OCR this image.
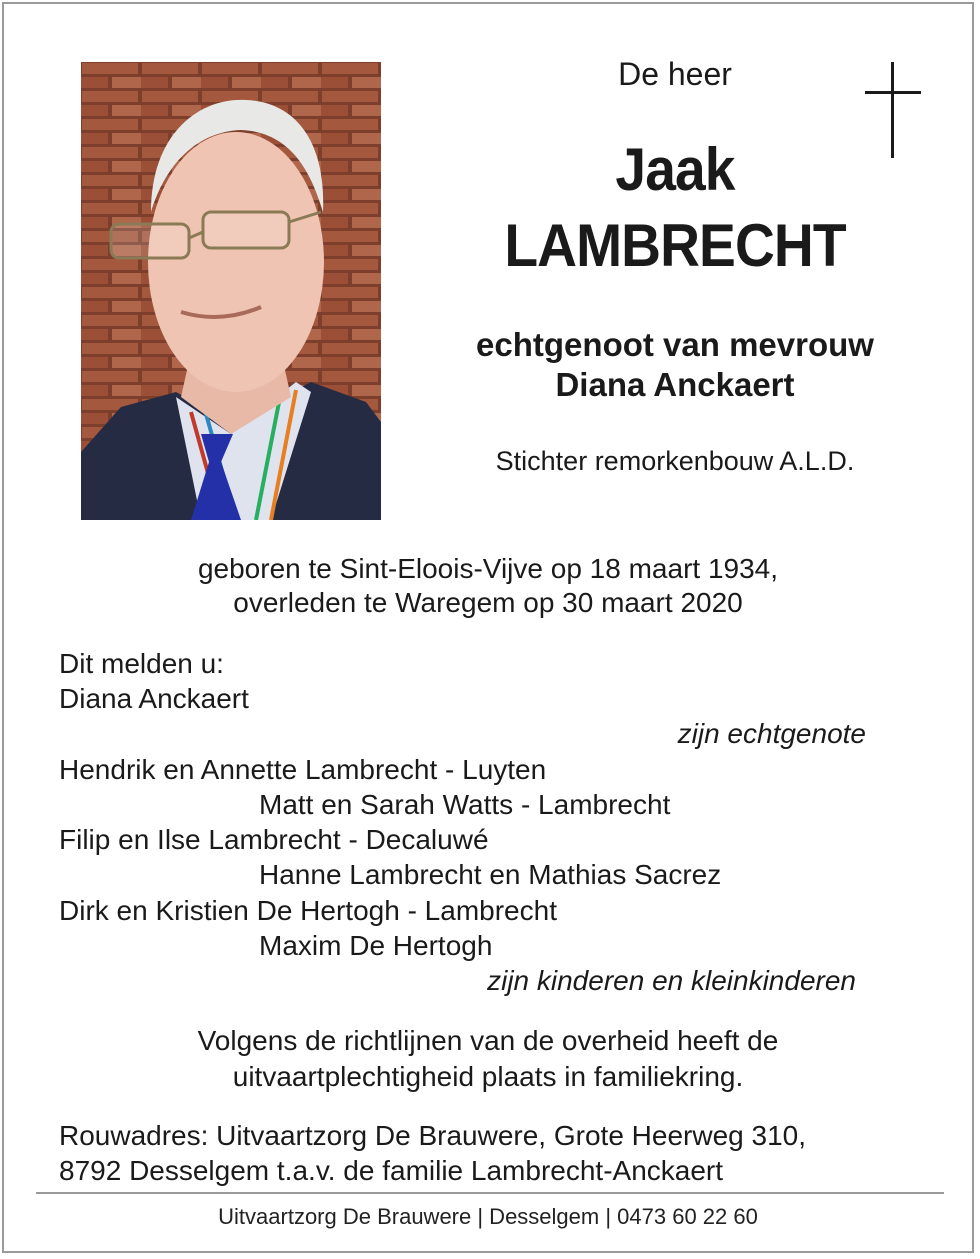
De heer
Jaak
LAMBRECHT
echtgenoot van mevrouw
Diana Anckaert
Stichter remorkenbouw A.L.D.
geboren te Sint-Eloois-Vijve op 18 maart 1934,
overleden te Waregem op 30 maart 2020
Dit melden u:
Diana Anckaert
zijn echtgenote
Hendrik en Annette Lambrecht - Luyten
Matt en Sarah Watts - Lambrecht
Filip en Ilse Lambrecht - Decaluwé
Hanne Lambrecht en Mathias Sacrez
Dirk en Kristien De Hertogh - Lambrecht
Maxim De Hertogh
zijn kinderen en kleinkinderen
Volgens de richtlijnen van de overheid heeft de
uitvaartplechtigheid plaats in familiekring.
Rouwadres: Uitvaartzorg De Brauwere, Grote Heerweg 310,
8792 Desselgem t.a.v. de familie Lambrecht-Anckaert
Uitvaartzorg De Brauwere | Desselgem | 0473 60 22 60
